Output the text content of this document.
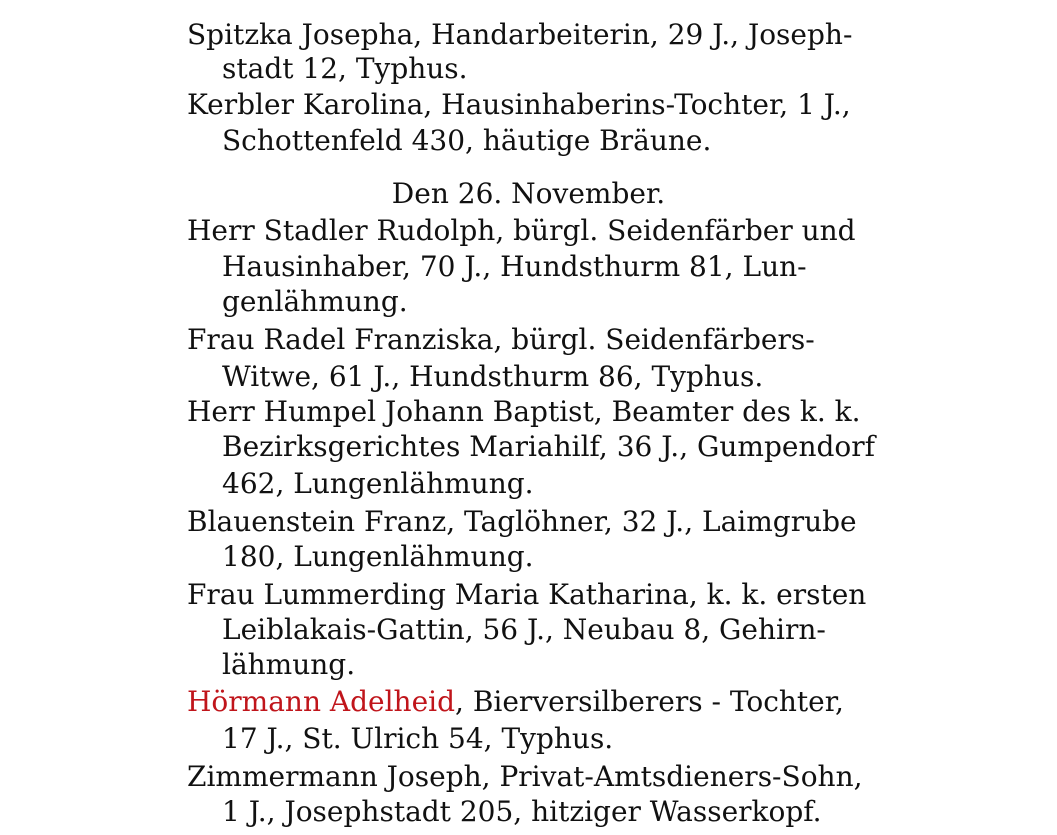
Spitzka Josepha, Handarbeiterin, 29 J., Joseph-
stadt 12, Typhus.
Kerbler Karolina, Hausinhaberins-Tochter, 1 J.,
Schottenfeld 430, häutige Bräune.
Den 26. November.
Herr Stadler Rudolph, bürgl. Seidenfärber und
Hausinhaber, 70 J., Hundsthurm 81, Lun-
genlähmung.
Frau Radel Franziska, bürgl. Seidenfärbers-
Witwe, 61 J., Hundsthurm 86, Typhus.
Herr Humpel Johann Baptist, Beamter des k. k.
Bezirksgerichtes Mariahilf, 36 J., Gumpendorf
462, Lungenlähmung.
Blauenstein Franz, Taglöhner, 32 J., Laimgrube
180, Lungenlähmung.
Frau Lummerding Maria Katharina, k. k. ersten
Leiblakais-Gattin, 56 J., Neubau 8, Gehirn-
lähmung.
Hörmann Adelheid, Bierversilberers - Tochter,
17 J., St. Ulrich 54, Typhus.
Zimmermann Joseph, Privat-Amtsdieners-Sohn,
1 J., Josephstadt 205, hitziger Wasserkopf.
